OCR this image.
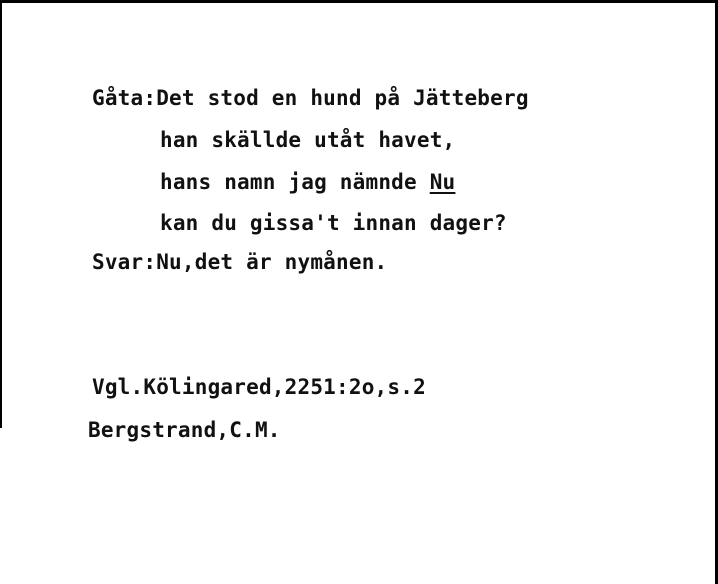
Gåta:Det stod en hund på Jätteberg

han skällde utåt havet,

hans namn jag nämnde Nu

kan du gissa't innan dager?

Svar:Nu,det är nymånen.

Vgl.Kölingared,2251:2o,s.2

Bergstrand,C.M.
